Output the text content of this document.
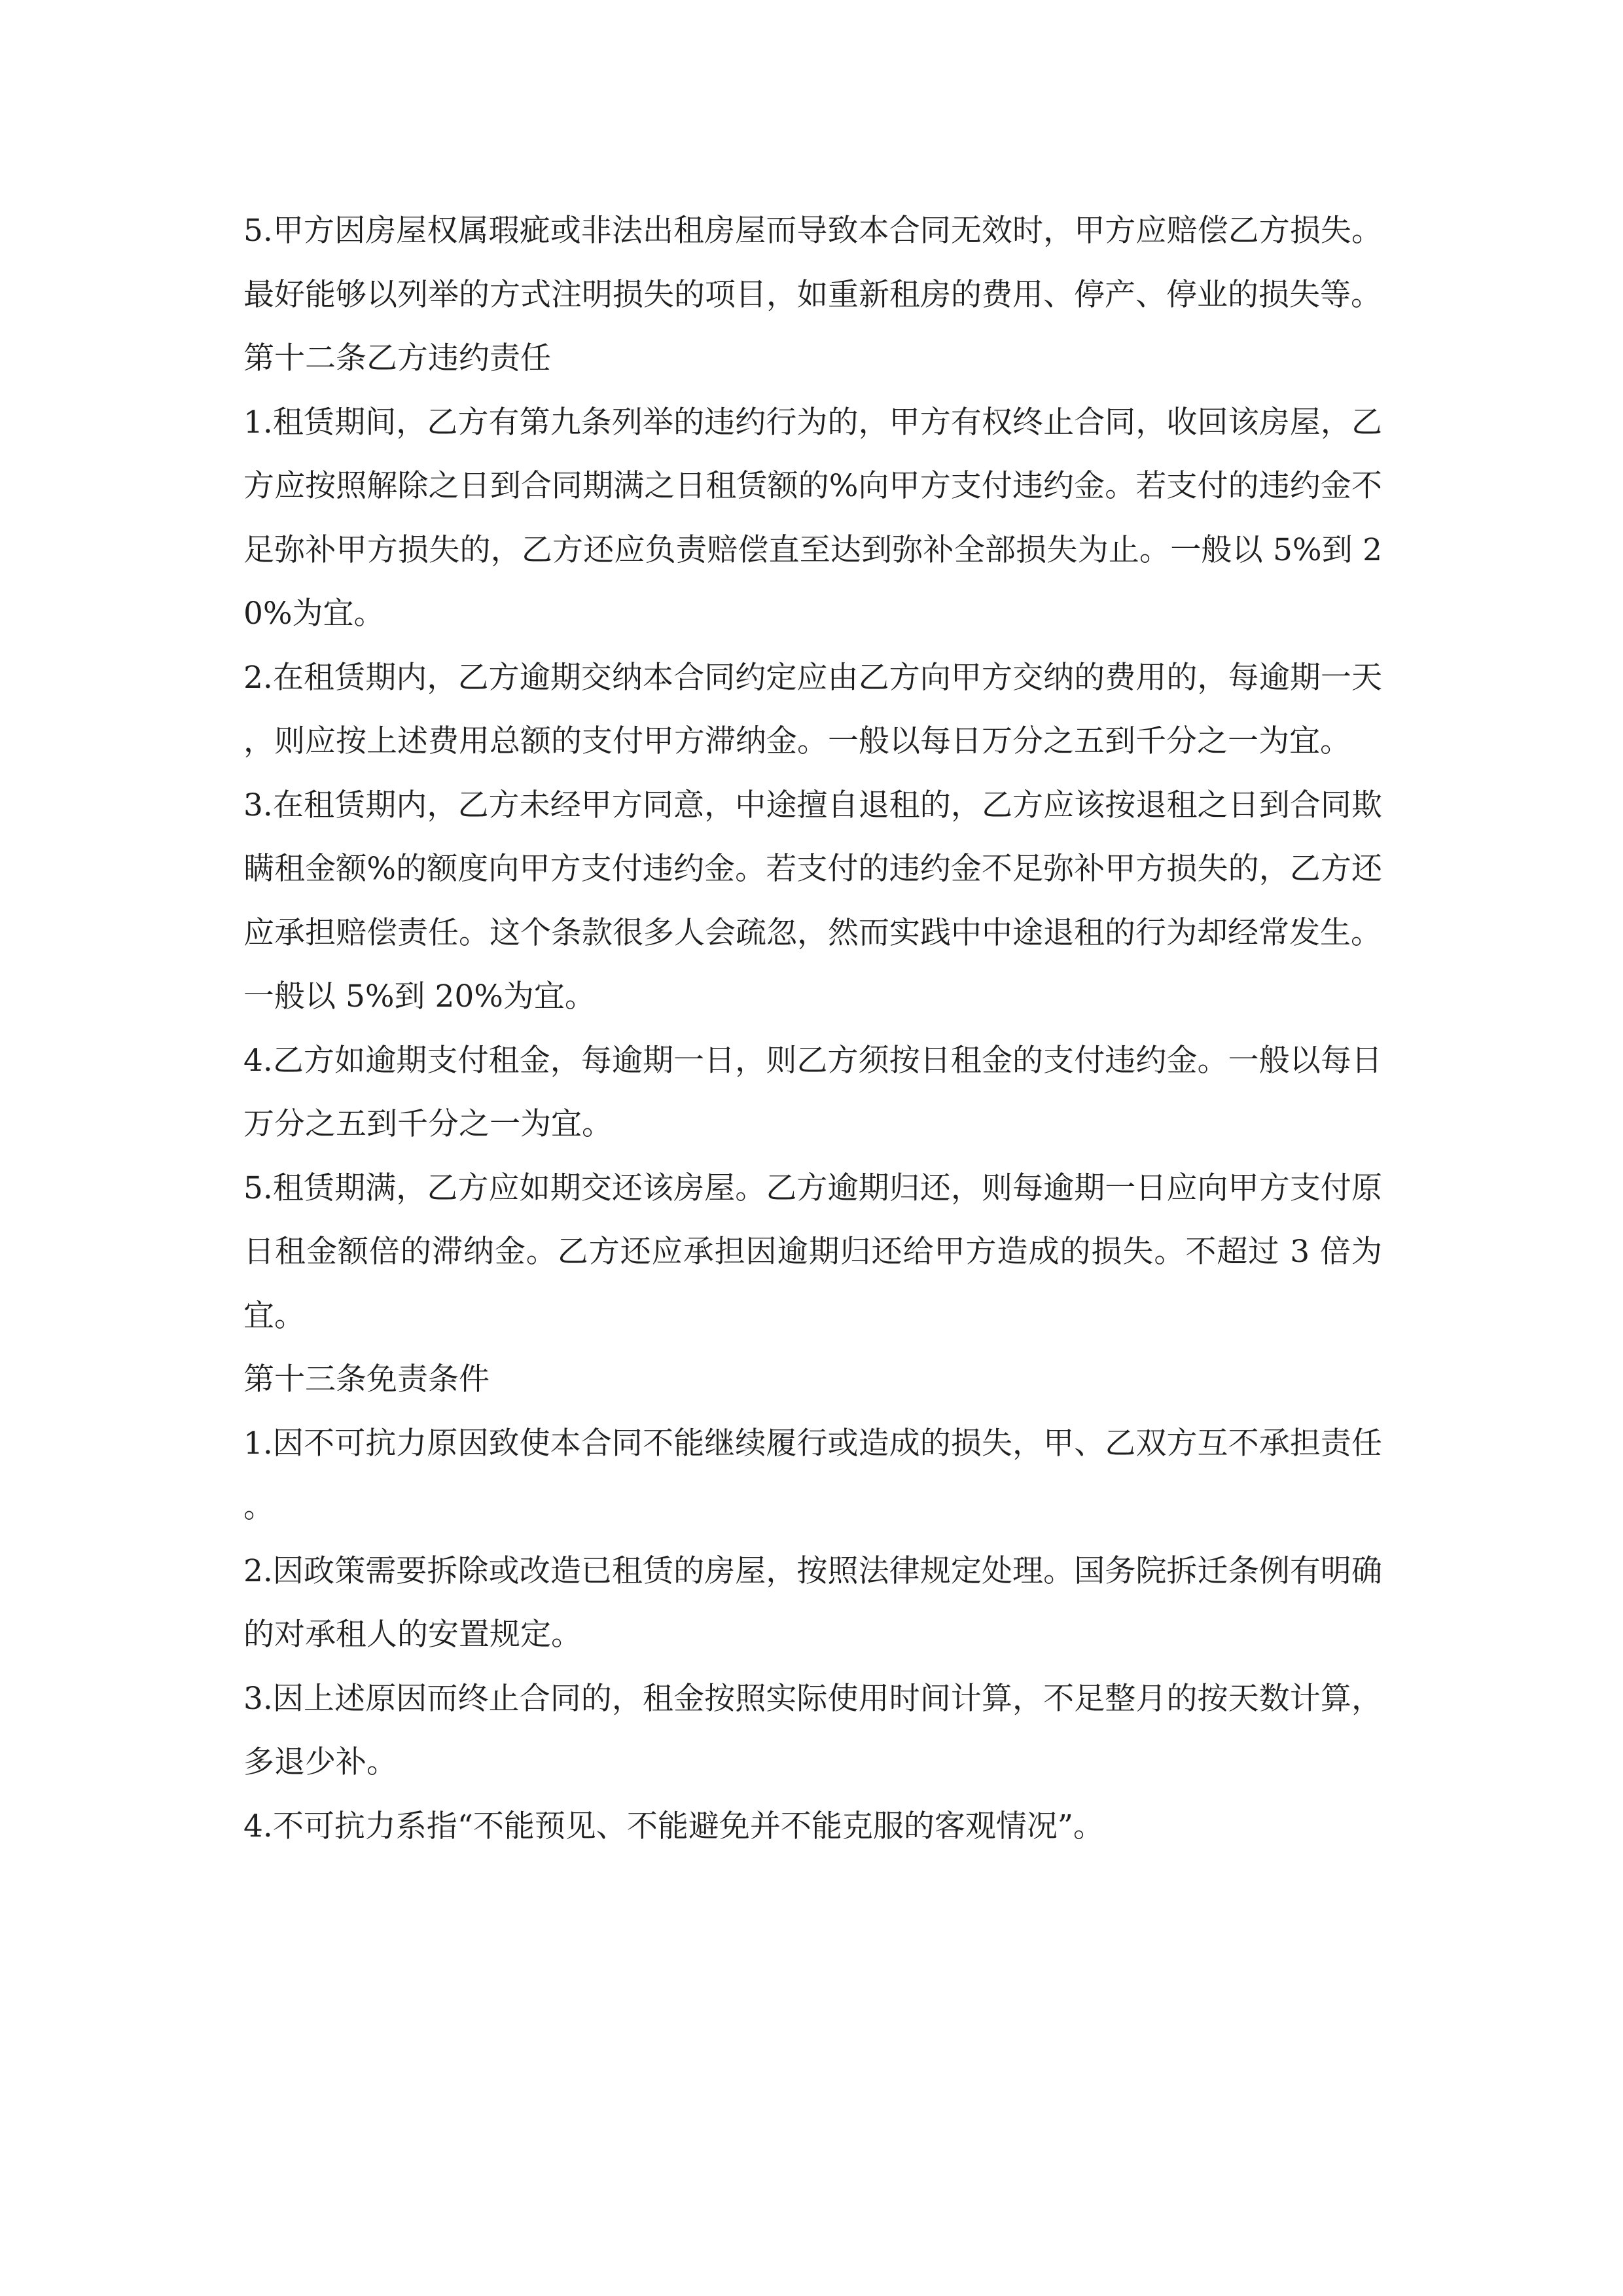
5.甲方因房屋权属瑕疵或非法出租房屋而导致本合同无效时，甲方应赔偿乙方损失。最好能够以列举的方式注明损失的项目，如重新租房的费用、停产、停业的损失等。

第十二条乙方违约责任

1.租赁期间，乙方有第九条列举的违约行为的，甲方有权终止合同，收回该房屋，乙方应按照解除之日到合同期满之日租赁额的%向甲方支付违约金。若支付的违约金不足弥补甲方损失的，乙方还应负责赔偿直至达到弥补全部损失为止。一般以 5%到 20%为宜。

2.在租赁期内，乙方逾期交纳本合同约定应由乙方向甲方交纳的费用的，每逾期一天，则应按上述费用总额的支付甲方滞纳金。一般以每日万分之五到千分之一为宜。

3.在租赁期内，乙方未经甲方同意，中途擅自退租的，乙方应该按退租之日到合同欺瞒租金额%的额度向甲方支付违约金。若支付的违约金不足弥补甲方损失的，乙方还应承担赔偿责任。这个条款很多人会疏忽，然而实践中中途退租的行为却经常发生。

一般以 5%到 20%为宜。

4.乙方如逾期支付租金，每逾期一日，则乙方须按日租金的支付违约金。一般以每日万分之五到千分之一为宜。

5.租赁期满，乙方应如期交还该房屋。乙方逾期归还，则每逾期一日应向甲方支付原日租金额倍的滞纳金。乙方还应承担因逾期归还给甲方造成的损失。不超过 3 倍为宜。

第十三条免责条件

1.因不可抗力原因致使本合同不能继续履行或造成的损失，甲、乙双方互不承担责任。

2.因政策需要拆除或改造已租赁的房屋，按照法律规定处理。国务院拆迁条例有明确的对承租人的安置规定。

3.因上述原因而终止合同的，租金按照实际使用时间计算，不足整月的按天数计算，多退少补。

4.不可抗力系指“不能预见、不能避免并不能克服的客观情况”。
